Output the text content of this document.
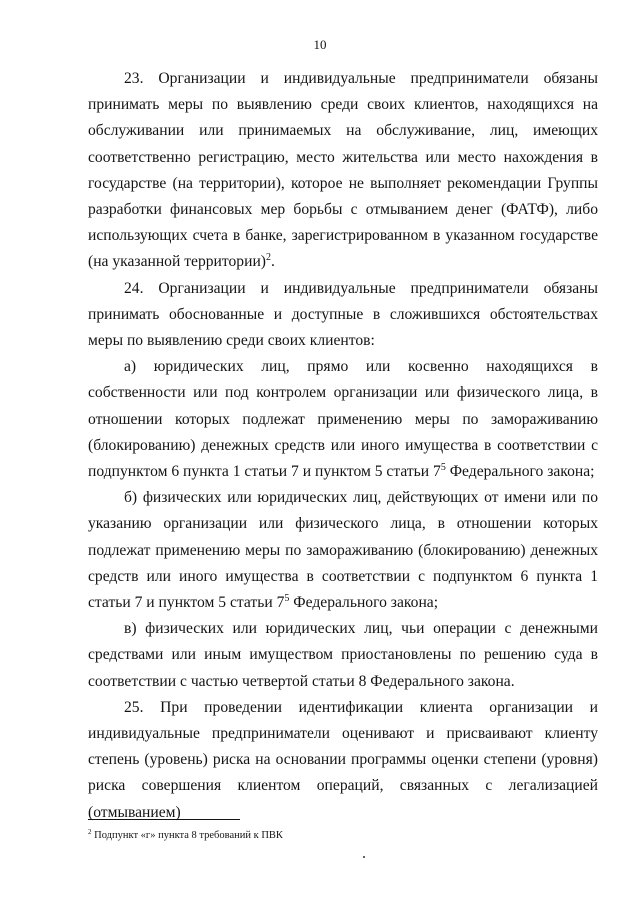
10

23. Организации и индивидуальные предприниматели обязаны принимать меры по выявлению среди своих клиентов, находящихся на обслуживании или принимаемых на обслуживание, лиц, имеющих соответственно регистрацию, место жительства или место нахождения в государстве (на территории), которое не выполняет рекомендации Группы разработки финансовых мер борьбы с отмыванием денег (ФАТФ), либо использующих счета в банке, зарегистрированном в указанном государстве (на указанной территории)$^2$.

24. Организации и индивидуальные предприниматели обязаны принимать обоснованные и доступные в сложившихся обстоятельствах меры по выявлению среди своих клиентов:

а) юридических лиц, прямо или косвенно находящихся в собственности или под контролем организации или физического лица, в отношении которых подлежат применению меры по замораживанию (блокированию) денежных средств или иного имущества в соответствии с подпунктом 6 пункта 1 статьи 7 и пунктом 5 статьи $7^5$ Федерального закона;

б) физических или юридических лиц, действующих от имени или по указанию организации или физического лица, в отношении которых подлежат применению меры по замораживанию (блокированию) денежных средств или иного имущества в соответствии с подпунктом 6 пункта 1 статьи 7 и пунктом 5 статьи $7^5$ Федерального закона;

в) физических или юридических лиц, чьи операции с денежными средствами или иным имуществом приостановлены по решению суда в соответствии с частью четвертой статьи 8 Федерального закона.

25. При проведении идентификации клиента организации и индивидуальные предприниматели оценивают и присваивают клиенту степень (уровень) риска на основании программы оценки степени (уровня) риска совершения клиентом операций, связанных с легализацией (отмыванием)

$^2$ Подпункт «г» пункта 8 требований к ПВК
